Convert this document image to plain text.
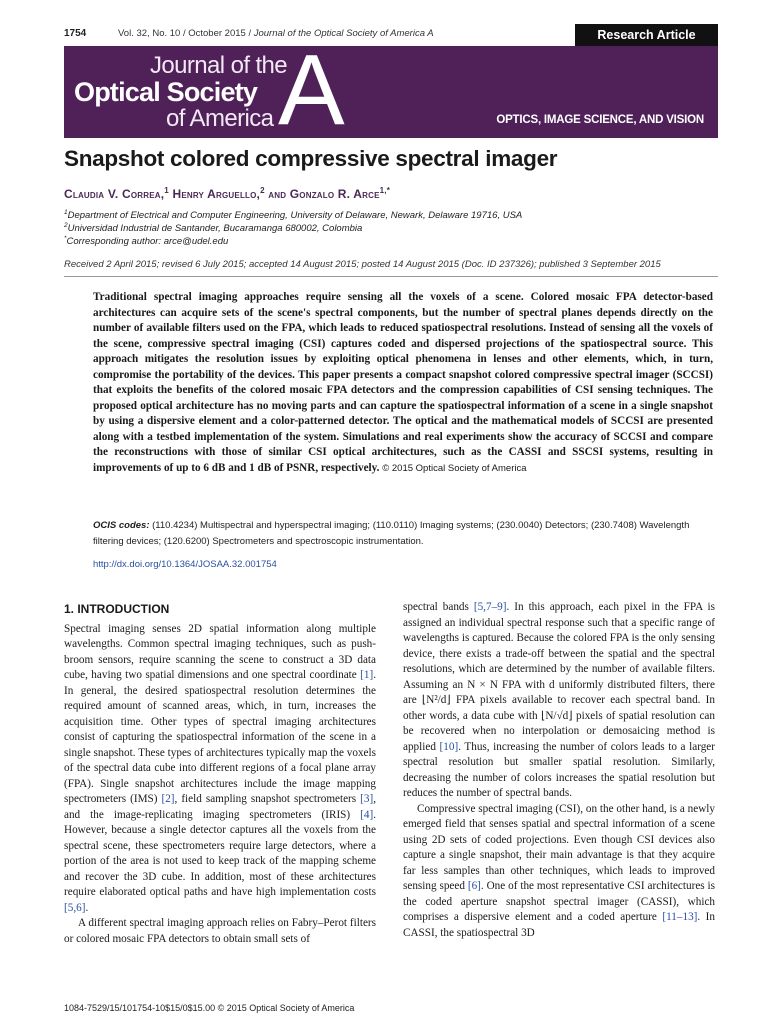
1754	Vol. 32, No. 10 / October 2015 / Journal of the Optical Society of America A	Research Article
Journal of the
Optical Society
of America A	OPTICS, IMAGE SCIENCE, AND VISION
Snapshot colored compressive spectral imager
Claudia V. Correa,$^1$ Henry Arguello,$^2$ and Gonzalo R. Arce$^{1,*}$
$^1$Department of Electrical and Computer Engineering, University of Delaware, Newark, Delaware 19716, USA
$^2$Universidad Industrial de Santander, Bucaramanga 680002, Colombia
*Corresponding author: arce@udel.edu
Received 2 April 2015; revised 6 July 2015; accepted 14 August 2015; posted 14 August 2015 (Doc. ID 237326); published 3 September 2015
Traditional spectral imaging approaches require sensing all the voxels of a scene. Colored mosaic FPA detector-based architectures can acquire sets of the scene's spectral components, but the number of spectral planes depends directly on the number of available filters used on the FPA, which leads to reduced spatiospectral resolutions. Instead of sensing all the voxels of the scene, compressive spectral imaging (CSI) captures coded and dispersed projections of the spatiospectral source. This approach mitigates the resolution issues by exploiting optical phenomena in lenses and other elements, which, in turn, compromise the portability of the devices. This paper presents a compact snapshot colored compressive spectral imager (SCCSI) that exploits the benefits of the colored mosaic FPA detectors and the compression capabilities of CSI sensing techniques. The proposed optical architecture has no moving parts and can capture the spatiospectral information of a scene in a single snapshot by using a dispersive element and a color-patterned detector. The optical and the mathematical models of SCCSI are presented along with a testbed implementation of the system. Simulations and real experiments show the accuracy of SCCSI and compare the reconstructions with those of similar CSI optical architectures, such as the CASSI and SSCSI systems, resulting in improvements of up to 6 dB and 1 dB of PSNR, respectively. © 2015 Optical Society of America
OCIS codes: (110.4234) Multispectral and hyperspectral imaging; (110.0110) Imaging systems; (230.0040) Detectors; (230.7408) Wavelength filtering devices; (120.6200) Spectrometers and spectroscopic instrumentation.
http://dx.doi.org/10.1364/JOSAA.32.001754

1. INTRODUCTION

Spectral imaging senses 2D spatial information along multiple wavelengths. Common spectral imaging techniques, such as push-broom sensors, require scanning the scene to construct a 3D data cube, having two spatial dimensions and one spectral coordinate [1]. In general, the desired spatiospectral resolution determines the required amount of scanned areas, which, in turn, increases the acquisition time. Other types of spectral imaging architectures consist of capturing the spatiospectral information of the scene in a single snapshot. These types of architectures typically map the voxels of the spectral data cube into different regions of a focal plane array (FPA). Single snapshot architectures include the image mapping spectrometers (IMS) [2], field sampling snapshot spectrometers [3], and the image-replicating imaging spectrometers (IRIS) [4]. However, because a single detector captures all the voxels from the spectral scene, these spectrometers require large detectors, where a portion of the area is not used to keep track of the mapping scheme and recover the 3D cube. In addition, most of these architectures require elaborated optical paths and have high implementation costs [5,6].

A different spectral imaging approach relies on Fabry–Perot filters or colored mosaic FPA detectors to obtain small sets of

spectral bands [5,7–9]. In this approach, each pixel in the FPA is assigned an individual spectral response such that a specific range of wavelengths is captured. Because the colored FPA is the only sensing device, there exists a trade-off between the spatial and the spectral resolutions, which are determined by the number of available filters. Assuming an N × N FPA with d uniformly distributed filters, there are ⌊N²/d⌋ FPA pixels available to recover each spectral band. In other words, a data cube with ⌊N/√d⌋ pixels of spatial resolution can be recovered when no interpolation or demosaicing method is applied [10]. Thus, increasing the number of colors leads to a larger spectral resolution but smaller spatial resolution. Similarly, decreasing the number of colors increases the spatial resolution but reduces the number of spectral bands.

Compressive spectral imaging (CSI), on the other hand, is a newly emerged field that senses spatial and spectral information of a scene using 2D sets of coded projections. Even though CSI devices also capture a single snapshot, their main advantage is that they acquire far less samples than other techniques, which leads to improved sensing speed [6]. One of the most representative CSI architectures is the coded aperture snapshot spectral imager (CASSI), which comprises a dispersive element and a coded aperture [11–13]. In CASSI, the spatiospectral 3D

1084-7529/15/101754-10$15/0$15.00 © 2015 Optical Society of America
